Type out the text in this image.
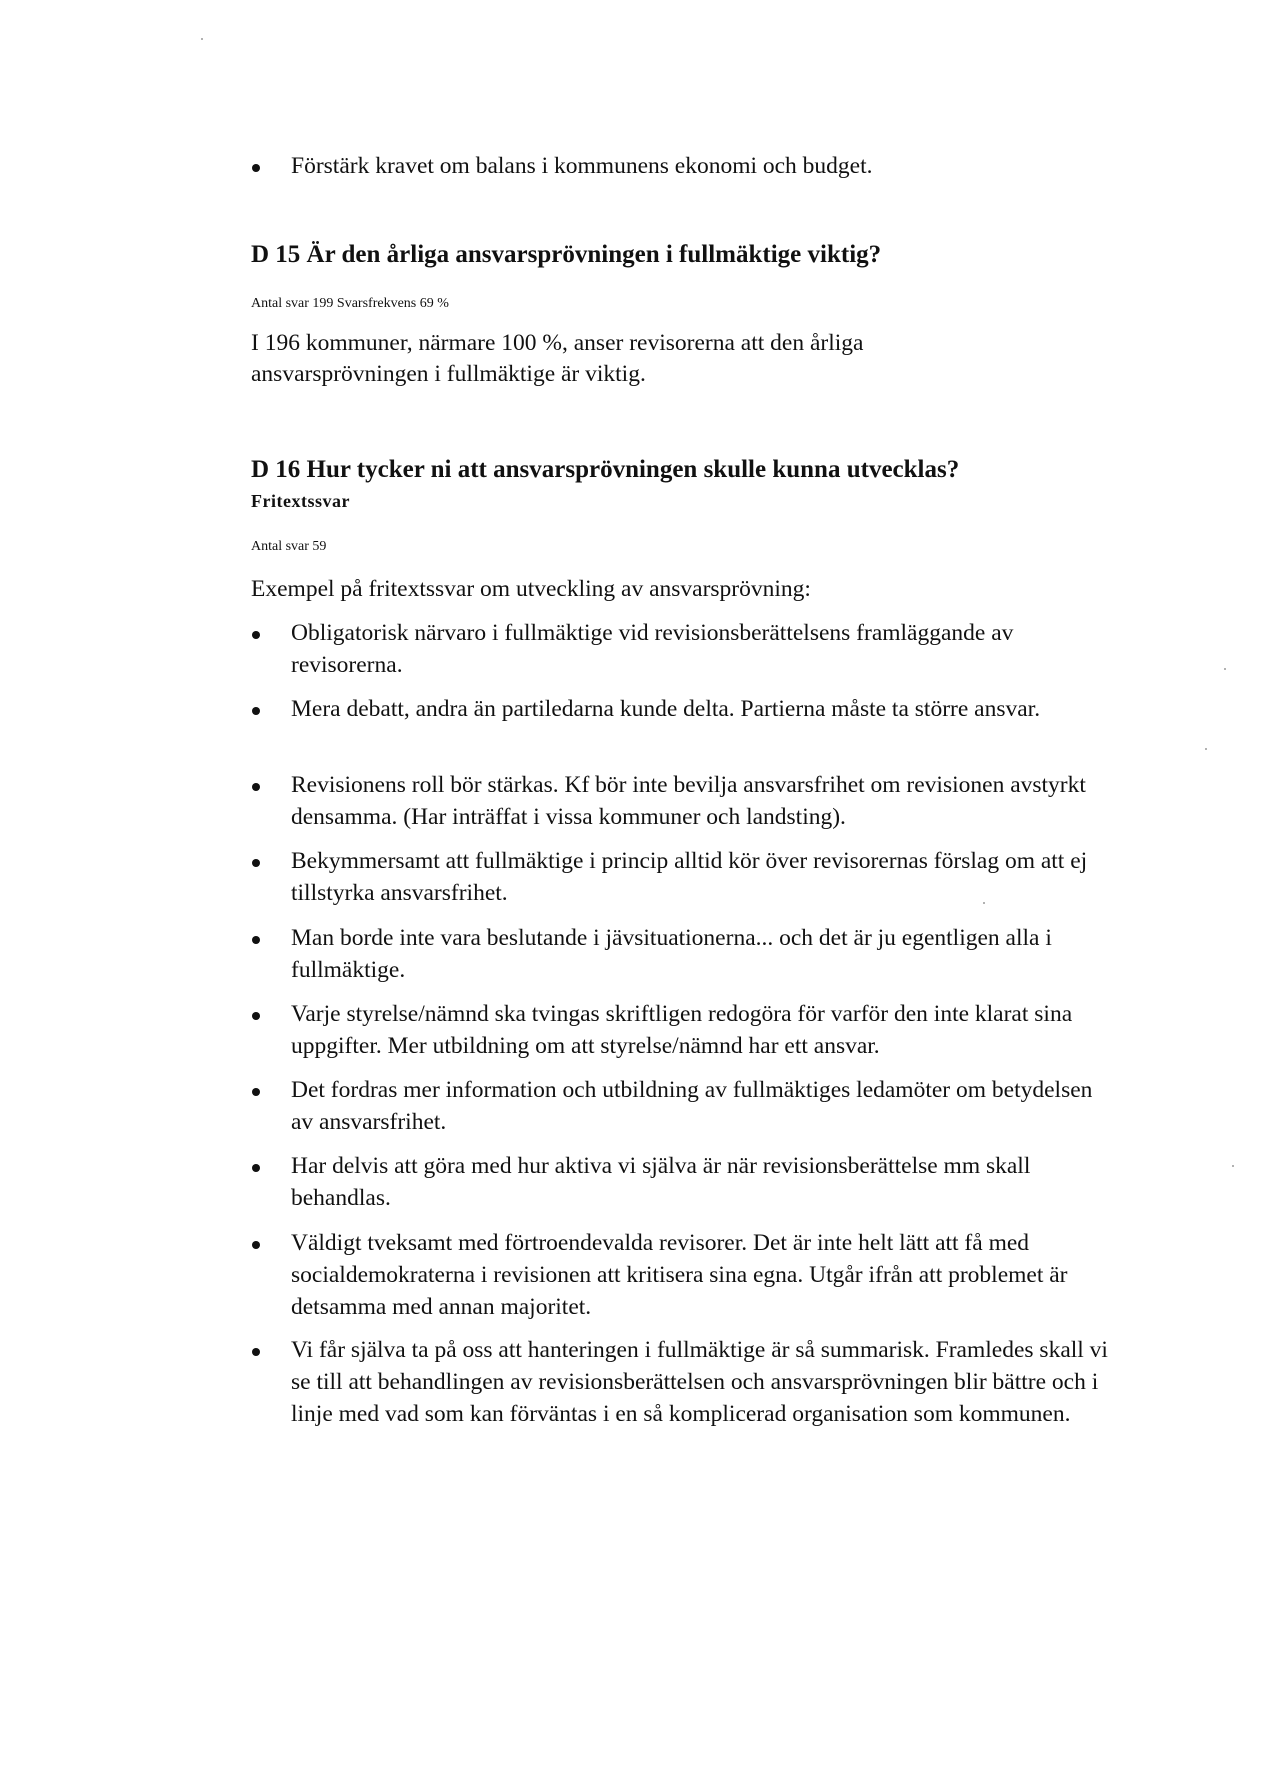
Förstärk kravet om balans i kommunens ekonomi och budget.
D 15 Är den årliga ansvarsprövningen i fullmäktige viktig?
Antal svar 199 Svarsfrekvens 69 %
I 196 kommuner, närmare 100 %, anser revisorerna att den årliga ansvarsprövningen i fullmäktige är viktig.
D 16 Hur tycker ni att ansvarsprövningen skulle kunna utvecklas?
Fritextssvar
Antal svar 59
Exempel på fritextssvar om utveckling av ansvarsprövning:
Obligatorisk närvaro i fullmäktige vid revisionsberättelsens framläggande av revisorerna.
Mera debatt, andra än partiledarna kunde delta. Partierna måste ta större ansvar.
Revisionens roll bör stärkas. Kf bör inte bevilja ansvarsfrihet om revisionen avstyrkt densamma. (Har inträffat i vissa kommuner och landsting).
Bekymmersamt att fullmäktige i princip alltid kör över revisorernas förslag om att ej tillstyrka ansvarsfrihet.
Man borde inte vara beslutande i jävsituationerna... och det är ju egentligen alla i fullmäktige.
Varje styrelse/nämnd ska tvingas skriftligen redogöra för varför den inte klarat sina uppgifter. Mer utbildning om att styrelse/nämnd har ett ansvar.
Det fordras mer information och utbildning av fullmäktiges ledamöter om betydelsen av ansvarsfrihet.
Har delvis att göra med hur aktiva vi själva är när revisionsberättelse mm skall behandlas.
Väldigt tveksamt med förtroendevalda revisorer. Det är inte helt lätt att få med socialdemokraterna i revisionen att kritisera sina egna. Utgår ifrån att problemet är detsamma med annan majoritet.
Vi får själva ta på oss att hanteringen i fullmäktige är så summarisk. Framledes skall vi se till att behandlingen av revisionsberättelsen och ansvarsprövningen blir bättre och i linje med vad som kan förväntas i en så komplicerad organisation som kommunen.
